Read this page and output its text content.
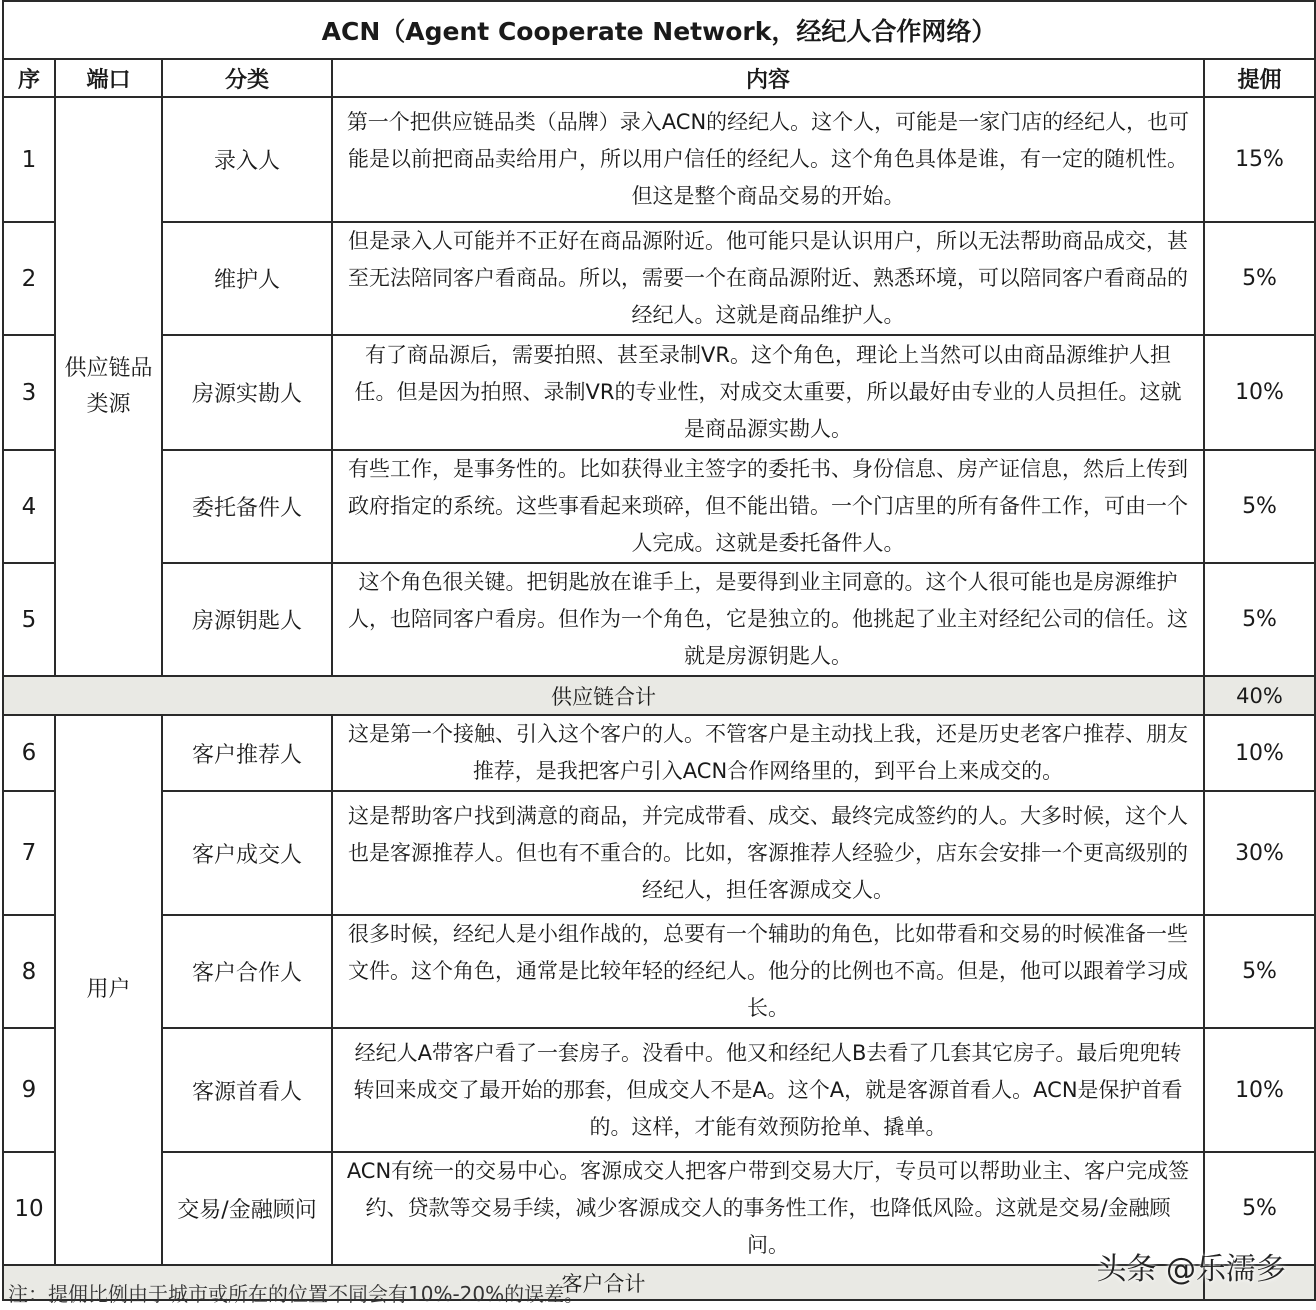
ACN（Agent Cooperate Network，经纪人合作网络）				
序	端口	分类	内容	提佣
1	供应链品类源	录入人	第一个把供应链品类（品牌）录入ACN的经纪人。这个人，可能是一家门店的经纪人，也可能是以前把商品卖给用户，所以用户信任的经纪人。这个角色具体是谁，有一定的随机性。但这是整个商品交易的开始。	15%
2		维护人	但是录入人可能并不正好在商品源附近。他可能只是认识用户，所以无法帮助商品成交，甚至无法陪同客户看商品。所以，需要一个在商品源附近、熟悉环境，可以陪同客户看商品的经纪人。这就是商品维护人。	5%
3		房源实勘人	有了商品源后，需要拍照、甚至录制VR。这个角色，理论上当然可以由商品源维护人担任。但是因为拍照、录制VR的专业性，对成交太重要，所以最好由专业的人员担任。这就是商品源实勘人。	10%
4		委托备件人	有些工作，是事务性的。比如获得业主签字的委托书、身份信息、房产证信息，然后上传到政府指定的系统。这些事看起来琐碎，但不能出错。一个门店里的所有备件工作，可由一个人完成。这就是委托备件人。	5%
5		房源钥匙人	这个角色很关键。把钥匙放在谁手上，是要得到业主同意的。这个人很可能也是房源维护人，也陪同客户看房。但作为一个角色，它是独立的。他挑起了业主对经纪公司的信任。这就是房源钥匙人。	5%
供应链合计				40%
6	用户	客户推荐人	这是第一个接触、引入这个客户的人。不管客户是主动找上我，还是历史老客户推荐、朋友推荐，是我把客户引入ACN合作网络里的，到平台上来成交的。	10%
7		客户成交人	这是帮助客户找到满意的商品，并完成带看、成交、最终完成签约的人。大多时候，这个人也是客源推荐人。但也有不重合的。比如，客源推荐人经验少，店东会安排一个更高级别的经纪人，担任客源成交人。	30%
8		客户合作人	很多时候，经纪人是小组作战的，总要有一个辅助的角色，比如带看和交易的时候准备一些文件。这个角色，通常是比较年轻的经纪人。他分的比例也不高。但是，他可以跟着学习成长。	5%
9		客源首看人	经纪人A带客户看了一套房子。没看中。他又和经纪人B去看了几套其它房子。最后兜兜转转回来成交了最开始的那套，但成交人不是A。这个A，就是客源首看人。ACN是保护首看的。这样，才能有效预防抢单、撬单。	10%
10		交易/金融顾问	ACN有统一的交易中心。客源成交人把客户带到交易大厅，专员可以帮助业主、客户完成签约、贷款等交易手续，减少客源成交人的事务性工作，也降低风险。这就是交易/金融顾问。	5%
客户合计				
注：提佣比例由于城市或所在的位置不同会有10%-20%的误差。
头条 @乐濡多
